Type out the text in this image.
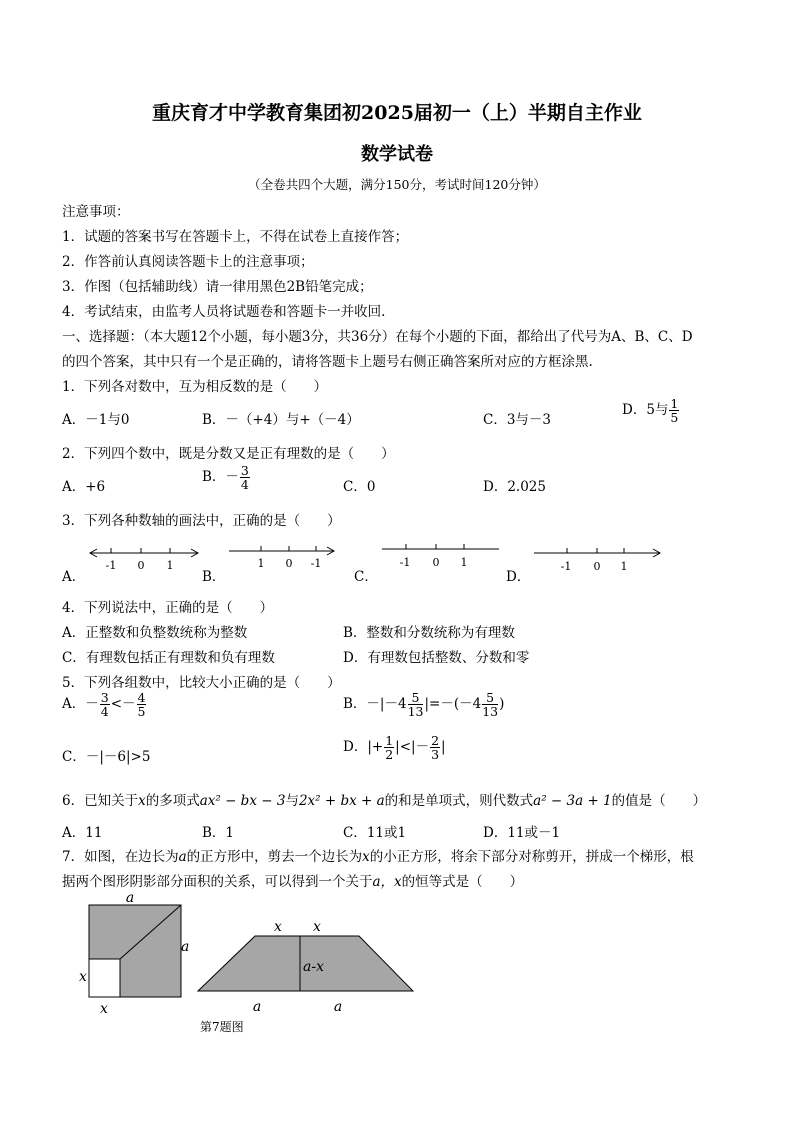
重庆育才中学教育集团初2025届初一（上）半期自主作业
数学试卷
（全卷共四个大题，满分150分，考试时间120分钟）
注意事项：
1．试题的答案书写在答题卡上，不得在试卷上直接作答；
2．作答前认真阅读答题卡上的注意事项；
3．作图（包括辅助线）请一律用黑色2B铅笔完成；
4．考试结束，由监考人员将试题卷和答题卡一并收回.
一、选择题：（本大题12个小题，每小题3分，共36分）在每个小题的下面，都给出了代号为A、B、C、D
的四个答案，其中只有一个是正确的，请将答题卡上题号右侧正确答案所对应的方框涂黑.
1．下列各对数中，互为相反数的是（　　）
A．－1与0	B．－（+4）与+（－4）	C．3与－3
D．5与 $\frac{1}{5}$
2．下列四个数中，既是分数又是正有理数的是（　　）
A．+6
B．－ $\frac{3}{4}$	C．0	D．2.025
3．下列各种数轴的画法中，正确的是（　　）
A．	B．	C．	D．
-1 0 1	1 0 -1	-1 0 1	-1 0 1
4．下列说法中，正确的是（　　）
A．正整数和负整数统称为整数	B．整数和分数统称为有理数
C．有理数包括正有理数和负有理数	D．有理数包括整数、分数和零
5．下列各组数中，比较大小正确的是（　　）
A．－ $\frac{3}{4} <- \frac{4}{5}$	B．$-|-4 \frac{5}{13} |=-(-4 \frac{5}{13}$ )
C．－|－6|>5
D．|+ $\frac{1}{2}$ |<|－ $\frac{2}{3}$ |
6．已知关于x的多项式ax² − bx − 3与2x² + bx + a的和是单项式，则代数式a² − 3a + 1的值是（　　）
A．11	B．1	C．11或1	D．11或－1
7．如图，在边长为a的正方形中，剪去一个边长为x的小正方形，将余下部分对称剪开，拼成一个梯形，根
据两个图形阴影部分面积的关系，可以得到一个关于a，x的恒等式是（　　）
a
a
x
x
x x
a-x
a	a
第7题图
